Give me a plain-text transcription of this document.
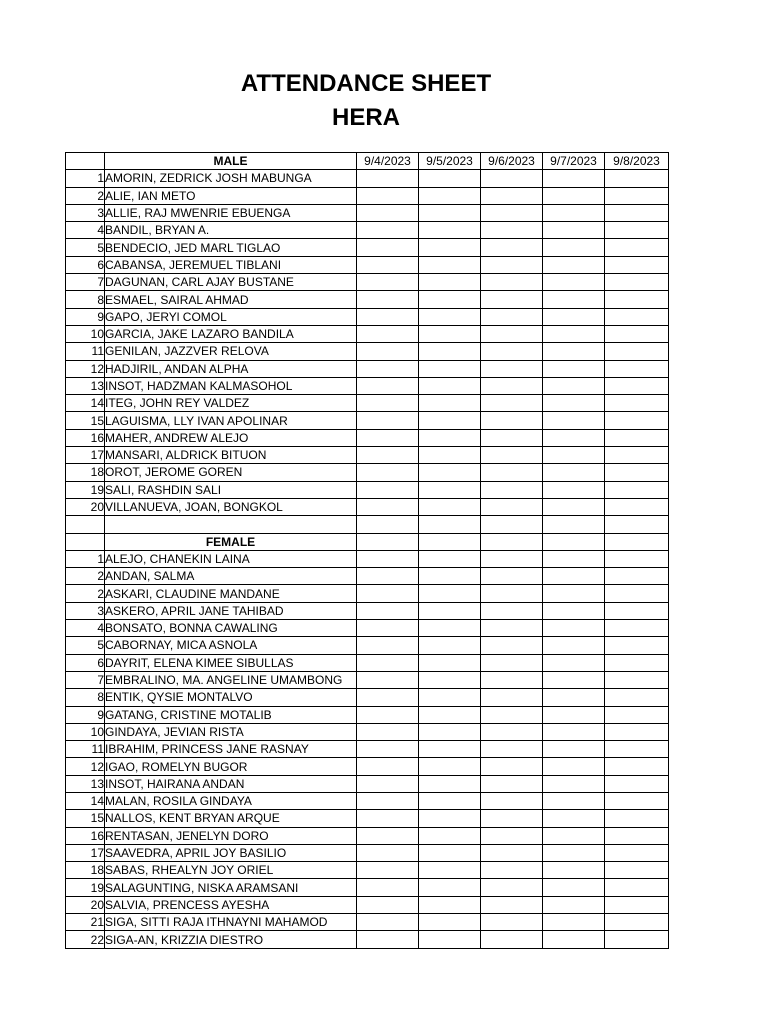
ATTENDANCE SHEET
HERA
	MALE	9/4/2023	9/5/2023	9/6/2023	9/7/2023	9/8/2023
1	AMORIN, ZEDRICK JOSH MABUNGA					
2	ALIE, IAN METO					
3	ALLIE, RAJ MWENRIE EBUENGA					
4	BANDIL, BRYAN A.					
5	BENDECIO, JED MARL TIGLAO					
6	CABANSA, JEREMUEL TIBLANI					
7	DAGUNAN, CARL AJAY BUSTANE					
8	ESMAEL, SAIRAL AHMAD					
9	GAPO, JERYl COMOL					
10	GARCIA, JAKE LAZARO BANDILA					
11	GENILAN, JAZZVER RELOVA					
12	HADJIRIL, ANDAN ALPHA					
13	INSOT, HADZMAN KALMASOHOL					
14	ITEG, JOHN REY VALDEZ					
15	LAGUISMA, LLY IVAN APOLINAR					
16	MAHER, ANDREW ALEJO					
17	MANSARI, ALDRICK BITUON					
18	OROT, JEROME GOREN					
19	SALI, RASHDIN SALI					
20	VILLANUEVA, JOAN, BONGKOL					

	FEMALE					
1	ALEJO, CHANEKIN LAINA					
2	ANDAN, SALMA					
2	ASKARI, CLAUDINE MANDANE					
3	ASKERO, APRIL JANE TAHIBAD					
4	BONSATO, BONNA CAWALING					
5	CABORNAY, MICA ASNOLA					
6	DAYRIT, ELENA KIMEE SIBULLAS					
7	EMBRALINO, MA. ANGELINE UMAMBONG					
8	ENTIK, QYSIE MONTALVO					
9	GATANG, CRISTINE MOTALIB					
10	GINDAYA, JEVIAN RISTA					
11	IBRAHIM, PRINCESS JANE RASNAY					
12	IGAO, ROMELYN BUGOR					
13	INSOT, HAIRANA ANDAN					
14	MALAN, ROSILA GINDAYA					
15	NALLOS, KENT BRYAN ARQUE					
16	RENTASAN, JENELYN DORO					
17	SAAVEDRA, APRIL JOY BASILIO					
18	SABAS, RHEALYN JOY ORIEL					
19	SALAGUNTING, NISKA ARAMSANI					
20	SALVIA, PRENCESS AYESHA					
21	SIGA, SITTI RAJA ITHNAYNI MAHAMOD					
22	SIGA-AN, KRIZZIA DIESTRO					
